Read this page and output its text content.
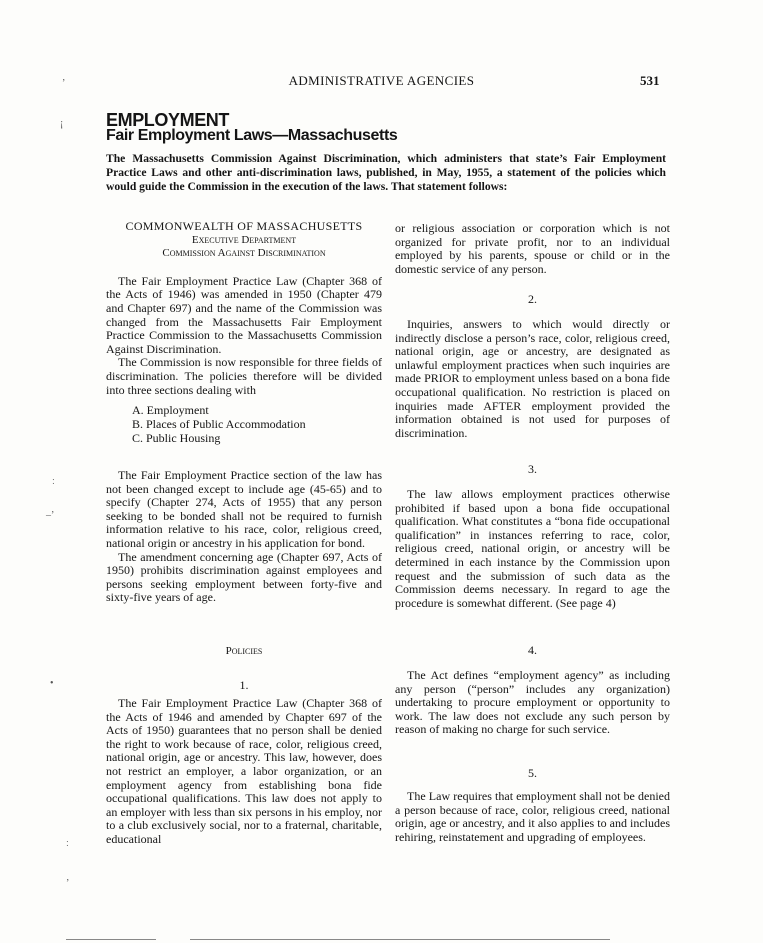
ADMINISTRATIVE AGENCIES	531
EMPLOYMENT
Fair Employment Laws—Massachusetts
The Massachusetts Commission Against Discrimination, which administers that state’s Fair Employment Practice Laws and other anti-discrimination laws, published, in May, 1955, a statement of the policies which would guide the Commission in the execution of the laws. That statement follows:
COMMONWEALTH OF MASSACHUSETTS
Executive Department
Commission Against Discrimination

The Fair Employment Practice Law (Chapter 368 of the Acts of 1946) was amended in 1950 (Chapter 479 and Chapter 697) and the name of the Commission was changed from the Massachusetts Fair Employment Practice Commission to the Massachusetts Commission Against Discrimination.

The Commission is now responsible for three fields of discrimination. The policies therefore will be divided into three sections dealing with

A. Employment
B. Places of Public Accommodation
C. Public Housing

The Fair Employment Practice section of the law has not been changed except to include age (45-65) and to specify (Chapter 274, Acts of 1955) that any person seeking to be bonded shall not be required to furnish information relative to his race, color, religious creed, national origin or ancestry in his application for bond.

The amendment concerning age (Chapter 697, Acts of 1950) prohibits discrimination against employees and persons seeking employment between forty-five and sixty-five years of age.

Policies
1.

The Fair Employment Practice Law (Chapter 368 of the Acts of 1946 and amended by Chapter 697 of the Acts of 1950) guarantees that no person shall be denied the right to work because of race, color, religious creed, national origin, age or ancestry. This law, however, does not restrict an employer, a labor organization, or an employment agency from establishing bona fide occupational qualifications. This law does not apply to an employer with less than six persons in his employ, nor to a club exclusively social, nor to a fraternal, charitable, educational

or religious association or corporation which is not organized for private profit, nor to an individual employed by his parents, spouse or child or in the domestic service of any person.

2.

Inquiries, answers to which would directly or indirectly disclose a person’s race, color, religious creed, national origin, age or ancestry, are designated as unlawful employment practices when such inquiries are made PRIOR to employment unless based on a bona fide occupational qualification. No restriction is placed on inquiries made AFTER employment provided the information obtained is not used for purposes of discrimination.

3.

The law allows employment practices otherwise prohibited if based upon a bona fide occupational qualification. What constitutes a “bona fide occupational qualification” in instances referring to race, color, religious creed, national origin, or ancestry will be determined in each instance by the Commission upon request and the submission of such data as the Commission deems necessary. In regard to age the procedure is somewhat different. (See page 4)

4.

The Act defines “employment agency” as including any person (“person” includes any organization) undertaking to procure employment or opportunity to work. The law does not exclude any such person by reason of making no charge for such service.

5.

The Law requires that employment shall not be denied a person because of race, color, religious creed, national origin, age or ancestry, and it also applies to and includes rehiring, reinstatement and upgrading of employees.

’
¡
ː
–ʼ
•
ː
’
